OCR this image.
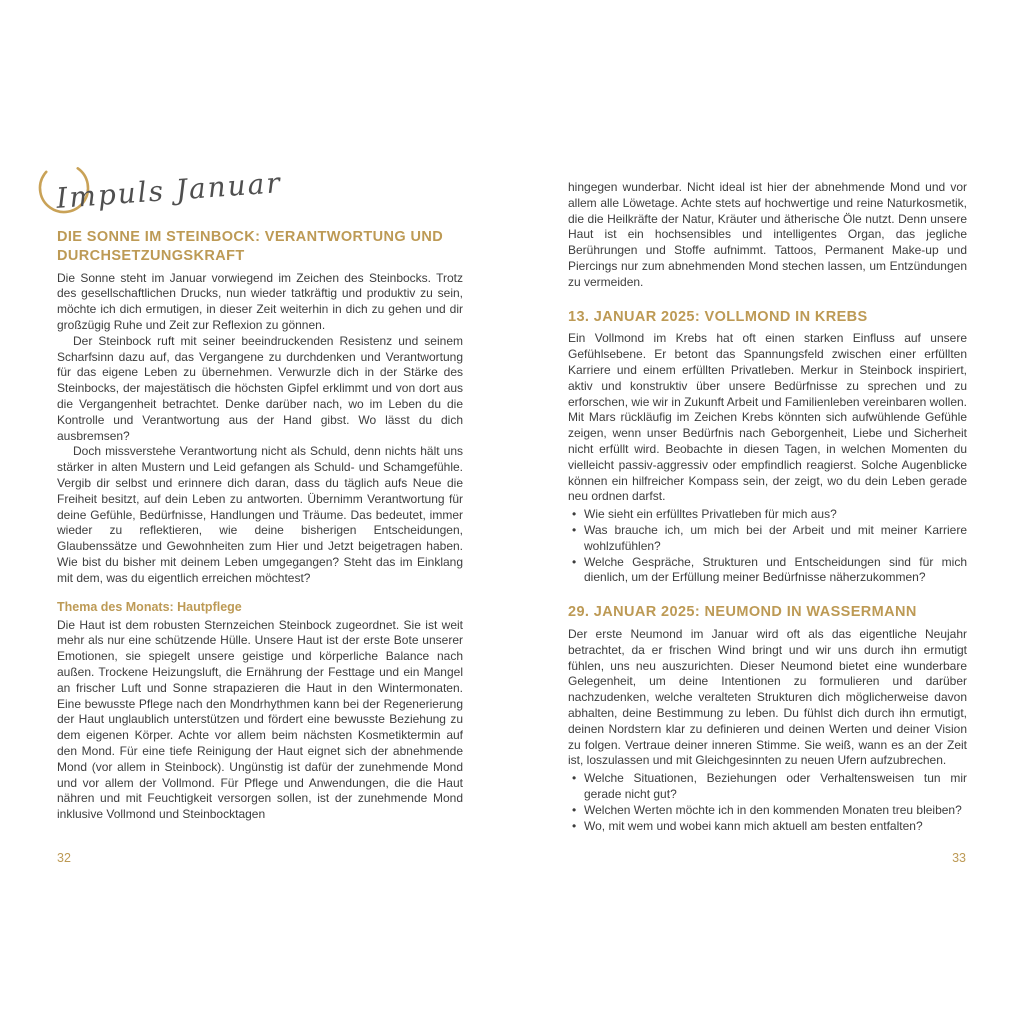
Impuls Januar
DIE SONNE IM STEINBOCK: VERANTWORTUNG UND DURCHSETZUNGSKRAFT

Die Sonne steht im Januar vorwiegend im Zeichen des Steinbocks. Trotz des gesellschaftlichen Drucks, nun wieder tatkräftig und produktiv zu sein, möchte ich dich ermutigen, in dieser Zeit weiterhin in dich zu gehen und dir großzügig Ruhe und Zeit zur Reflexion zu gönnen.

Der Steinbock ruft mit seiner beeindruckenden Resistenz und seinem Scharfsinn dazu auf, das Vergangene zu durchdenken und Verantwortung für das eigene Leben zu übernehmen. Verwurzle dich in der Stärke des Steinbocks, der majestätisch die höchsten Gipfel erklimmt und von dort aus die Vergangenheit betrachtet. Denke darüber nach, wo im Leben du die Kontrolle und Verantwortung aus der Hand gibst. Wo lässt du dich ausbremsen?

Doch missverstehe Verantwortung nicht als Schuld, denn nichts hält uns stärker in alten Mustern und Leid gefangen als Schuld- und Schamgefühle. Vergib dir selbst und erinnere dich daran, dass du täglich aufs Neue die Freiheit besitzt, auf dein Leben zu antworten. Übernimm Verantwortung für deine Gefühle, Bedürfnisse, Handlungen und Träume. Das bedeutet, immer wieder zu reflektieren, wie deine bisherigen Entscheidungen, Glaubenssätze und Gewohnheiten zum Hier und Jetzt beigetragen haben. Wie bist du bisher mit deinem Leben umgegangen? Steht das im Einklang mit dem, was du eigentlich erreichen möchtest?

Thema des Monats: Hautpflege

Die Haut ist dem robusten Sternzeichen Steinbock zugeordnet. Sie ist weit mehr als nur eine schützende Hülle. Unsere Haut ist der erste Bote unserer Emotionen, sie spiegelt unsere geistige und körperliche Balance nach außen. Trockene Heizungsluft, die Ernährung der Festtage und ein Mangel an frischer Luft und Sonne strapazieren die Haut in den Wintermonaten. Eine bewusste Pflege nach den Mondrhythmen kann bei der Regenerierung der Haut unglaublich unterstützen und fördert eine bewusste Beziehung zu dem eigenen Körper. Achte vor allem beim nächsten Kosmetiktermin auf den Mond. Für eine tiefe Reinigung der Haut eignet sich der abnehmende Mond (vor allem in Steinbock). Ungünstig ist dafür der zunehmende Mond und vor allem der Vollmond. Für Pflege und Anwendungen, die die Haut nähren und mit Feuchtigkeit versorgen sollen, ist der zunehmende Mond inklusive Vollmond und Steinbocktagen

hingegen wunderbar. Nicht ideal ist hier der abnehmende Mond und vor allem alle Löwetage. Achte stets auf hochwertige und reine Naturkosmetik, die die Heilkräfte der Natur, Kräuter und ätherische Öle nutzt. Denn unsere Haut ist ein hochsensibles und intelligentes Organ, das jegliche Berührungen und Stoffe aufnimmt. Tattoos, Permanent Make-up und Piercings nur zum abnehmenden Mond stechen lassen, um Entzündungen zu vermeiden.

13. JANUAR 2025: VOLLMOND IN KREBS

Ein Vollmond im Krebs hat oft einen starken Einfluss auf unsere Gefühlsebene. Er betont das Spannungsfeld zwischen einer erfüllten Karriere und einem erfüllten Privatleben. Merkur in Steinbock inspiriert, aktiv und konstruktiv über unsere Bedürfnisse zu sprechen und zu erforschen, wie wir in Zukunft Arbeit und Familienleben vereinbaren wollen. Mit Mars rückläufig im Zeichen Krebs könnten sich aufwühlende Gefühle zeigen, wenn unser Bedürfnis nach Geborgenheit, Liebe und Sicherheit nicht erfüllt wird. Beobachte in diesen Tagen, in welchen Momenten du vielleicht passiv-aggressiv oder empfindlich reagierst. Solche Augenblicke können ein hilfreicher Kompass sein, der zeigt, wo du dein Leben gerade neu ordnen darfst.

• Wie sieht ein erfülltes Privatleben für mich aus?
• Was brauche ich, um mich bei der Arbeit und mit meiner Karriere wohlzufühlen?
• Welche Gespräche, Strukturen und Entscheidungen sind für mich dienlich, um der Erfüllung meiner Bedürfnisse näherzukommen?
29. JANUAR 2025: NEUMOND IN WASSERMANN

Der erste Neumond im Januar wird oft als das eigentliche Neujahr betrachtet, da er frischen Wind bringt und wir uns durch ihn ermutigt fühlen, uns neu auszurichten. Dieser Neumond bietet eine wunderbare Gelegenheit, um deine Intentionen zu formulieren und darüber nachzudenken, welche veralteten Strukturen dich möglicherweise davon abhalten, deine Bestimmung zu leben. Du fühlst dich durch ihn ermutigt, deinen Nordstern klar zu definieren und deinen Werten und deiner Vision zu folgen. Vertraue deiner inneren Stimme. Sie weiß, wann es an der Zeit ist, loszulassen und mit Gleichgesinnten zu neuen Ufern aufzubrechen.

• Welche Situationen, Beziehungen oder Verhaltensweisen tun mir gerade nicht gut?
• Welchen Werten möchte ich in den kommenden Monaten treu bleiben?
• Wo, mit wem und wobei kann mich aktuell am besten entfalten?
32	33
